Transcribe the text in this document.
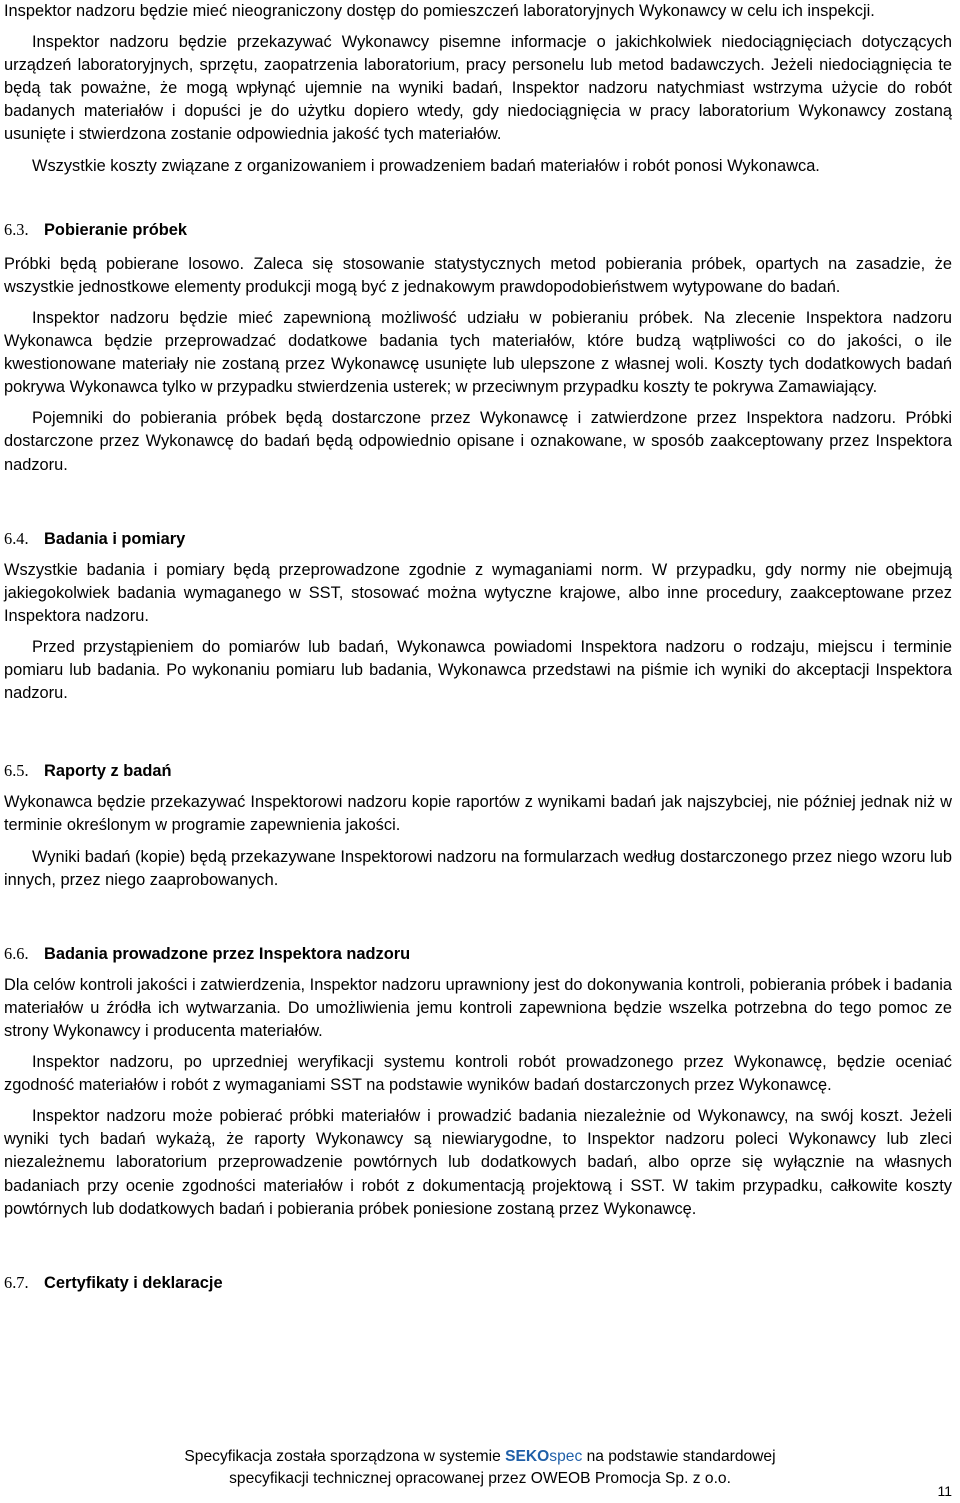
Inspektor nadzoru będzie mieć nieograniczony dostęp do pomieszczeń laboratoryjnych Wykonawcy w celu ich inspekcji.

Inspektor nadzoru będzie przekazywać Wykonawcy pisemne informacje o jakichkolwiek niedociągnięciach dotyczących urządzeń laboratoryjnych, sprzętu, zaopatrzenia laboratorium, pracy personelu lub metod badawczych. Jeżeli niedociągnięcia te będą tak poważne, że mogą wpłynąć ujemnie na wyniki badań, Inspektor nadzoru natychmiast wstrzyma użycie do robót badanych materiałów i dopuści je do użytku dopiero wtedy, gdy niedociągnięcia w pracy laboratorium Wykonawcy zostaną usunięte i stwierdzona zostanie odpowiednia jakość tych materiałów.

Wszystkie koszty związane z organizowaniem i prowadzeniem badań materiałów i robót ponosi Wykonawca.

6.3. Pobieranie próbek

Próbki będą pobierane losowo. Zaleca się stosowanie statystycznych metod pobierania próbek, opartych na zasadzie, że wszystkie jednostkowe elementy produkcji mogą być z jednakowym prawdopodobieństwem wytypowane do badań.

Inspektor nadzoru będzie mieć zapewnioną możliwość udziału w pobieraniu próbek. Na zlecenie Inspektora nadzoru Wykonawca będzie przeprowadzać dodatkowe badania tych materiałów, które budzą wątpliwości co do jakości, o ile kwestionowane materiały nie zostaną przez Wykonawcę usunięte lub ulepszone z własnej woli. Koszty tych dodatkowych badań pokrywa Wykonawca tylko w przypadku stwierdzenia usterek; w przeciwnym przypadku koszty te pokrywa Zamawiający.

Pojemniki do pobierania próbek będą dostarczone przez Wykonawcę i zatwierdzone przez Inspektora nadzoru. Próbki dostarczone przez Wykonawcę do badań będą odpowiednio opisane i oznakowane, w sposób zaakceptowany przez Inspektora nadzoru.

6.4. Badania i pomiary

Wszystkie badania i pomiary będą przeprowadzone zgodnie z wymaganiami norm. W przypadku, gdy normy nie obejmują jakiegokolwiek badania wymaganego w SST, stosować można wytyczne krajowe, albo inne procedury, zaakceptowane przez Inspektora nadzoru.

Przed przystąpieniem do pomiarów lub badań, Wykonawca powiadomi Inspektora nadzoru o rodzaju, miejscu i terminie pomiaru lub badania. Po wykonaniu pomiaru lub badania, Wykonawca przedstawi na piśmie ich wyniki do akceptacji Inspektora nadzoru.

6.5. Raporty z badań

Wykonawca będzie przekazywać Inspektorowi nadzoru kopie raportów z wynikami badań jak najszybciej, nie później jednak niż w terminie określonym w programie zapewnienia jakości.

Wyniki badań (kopie) będą przekazywane Inspektorowi nadzoru na formularzach według dostarczonego przez niego wzoru lub innych, przez niego zaaprobowanych.

6.6. Badania prowadzone przez Inspektora nadzoru

Dla celów kontroli jakości i zatwierdzenia, Inspektor nadzoru uprawniony jest do dokonywania kontroli, pobierania próbek i badania materiałów u źródła ich wytwarzania. Do umożliwienia jemu kontroli zapewniona będzie wszelka potrzebna do tego pomoc ze strony Wykonawcy i producenta materiałów.

Inspektor nadzoru, po uprzedniej weryfikacji systemu kontroli robót prowadzonego przez Wykonawcę, będzie oceniać zgodność materiałów i robót z wymaganiami SST na podstawie wyników badań dostarczonych przez Wykonawcę.

Inspektor nadzoru może pobierać próbki materiałów i prowadzić badania niezależnie od Wykonawcy, na swój koszt. Jeżeli wyniki tych badań wykażą, że raporty Wykonawcy są niewiarygodne, to Inspektor nadzoru poleci Wykonawcy lub zleci niezależnemu laboratorium przeprowadzenie powtórnych lub dodatkowych badań, albo oprze się wyłącznie na własnych badaniach przy ocenie zgodności materiałów i robót z dokumentacją projektową i SST. W takim przypadku, całkowite koszty powtórnych lub dodatkowych badań i pobierania próbek poniesione zostaną przez Wykonawcę.

6.7. Certyfikaty i deklaracje
Specyfikacja została sporządzona w systemie SEKOspec na podstawie standardowej
specyfikacji technicznej opracowanej przez OWEOB Promocja Sp. z o.o.
11
